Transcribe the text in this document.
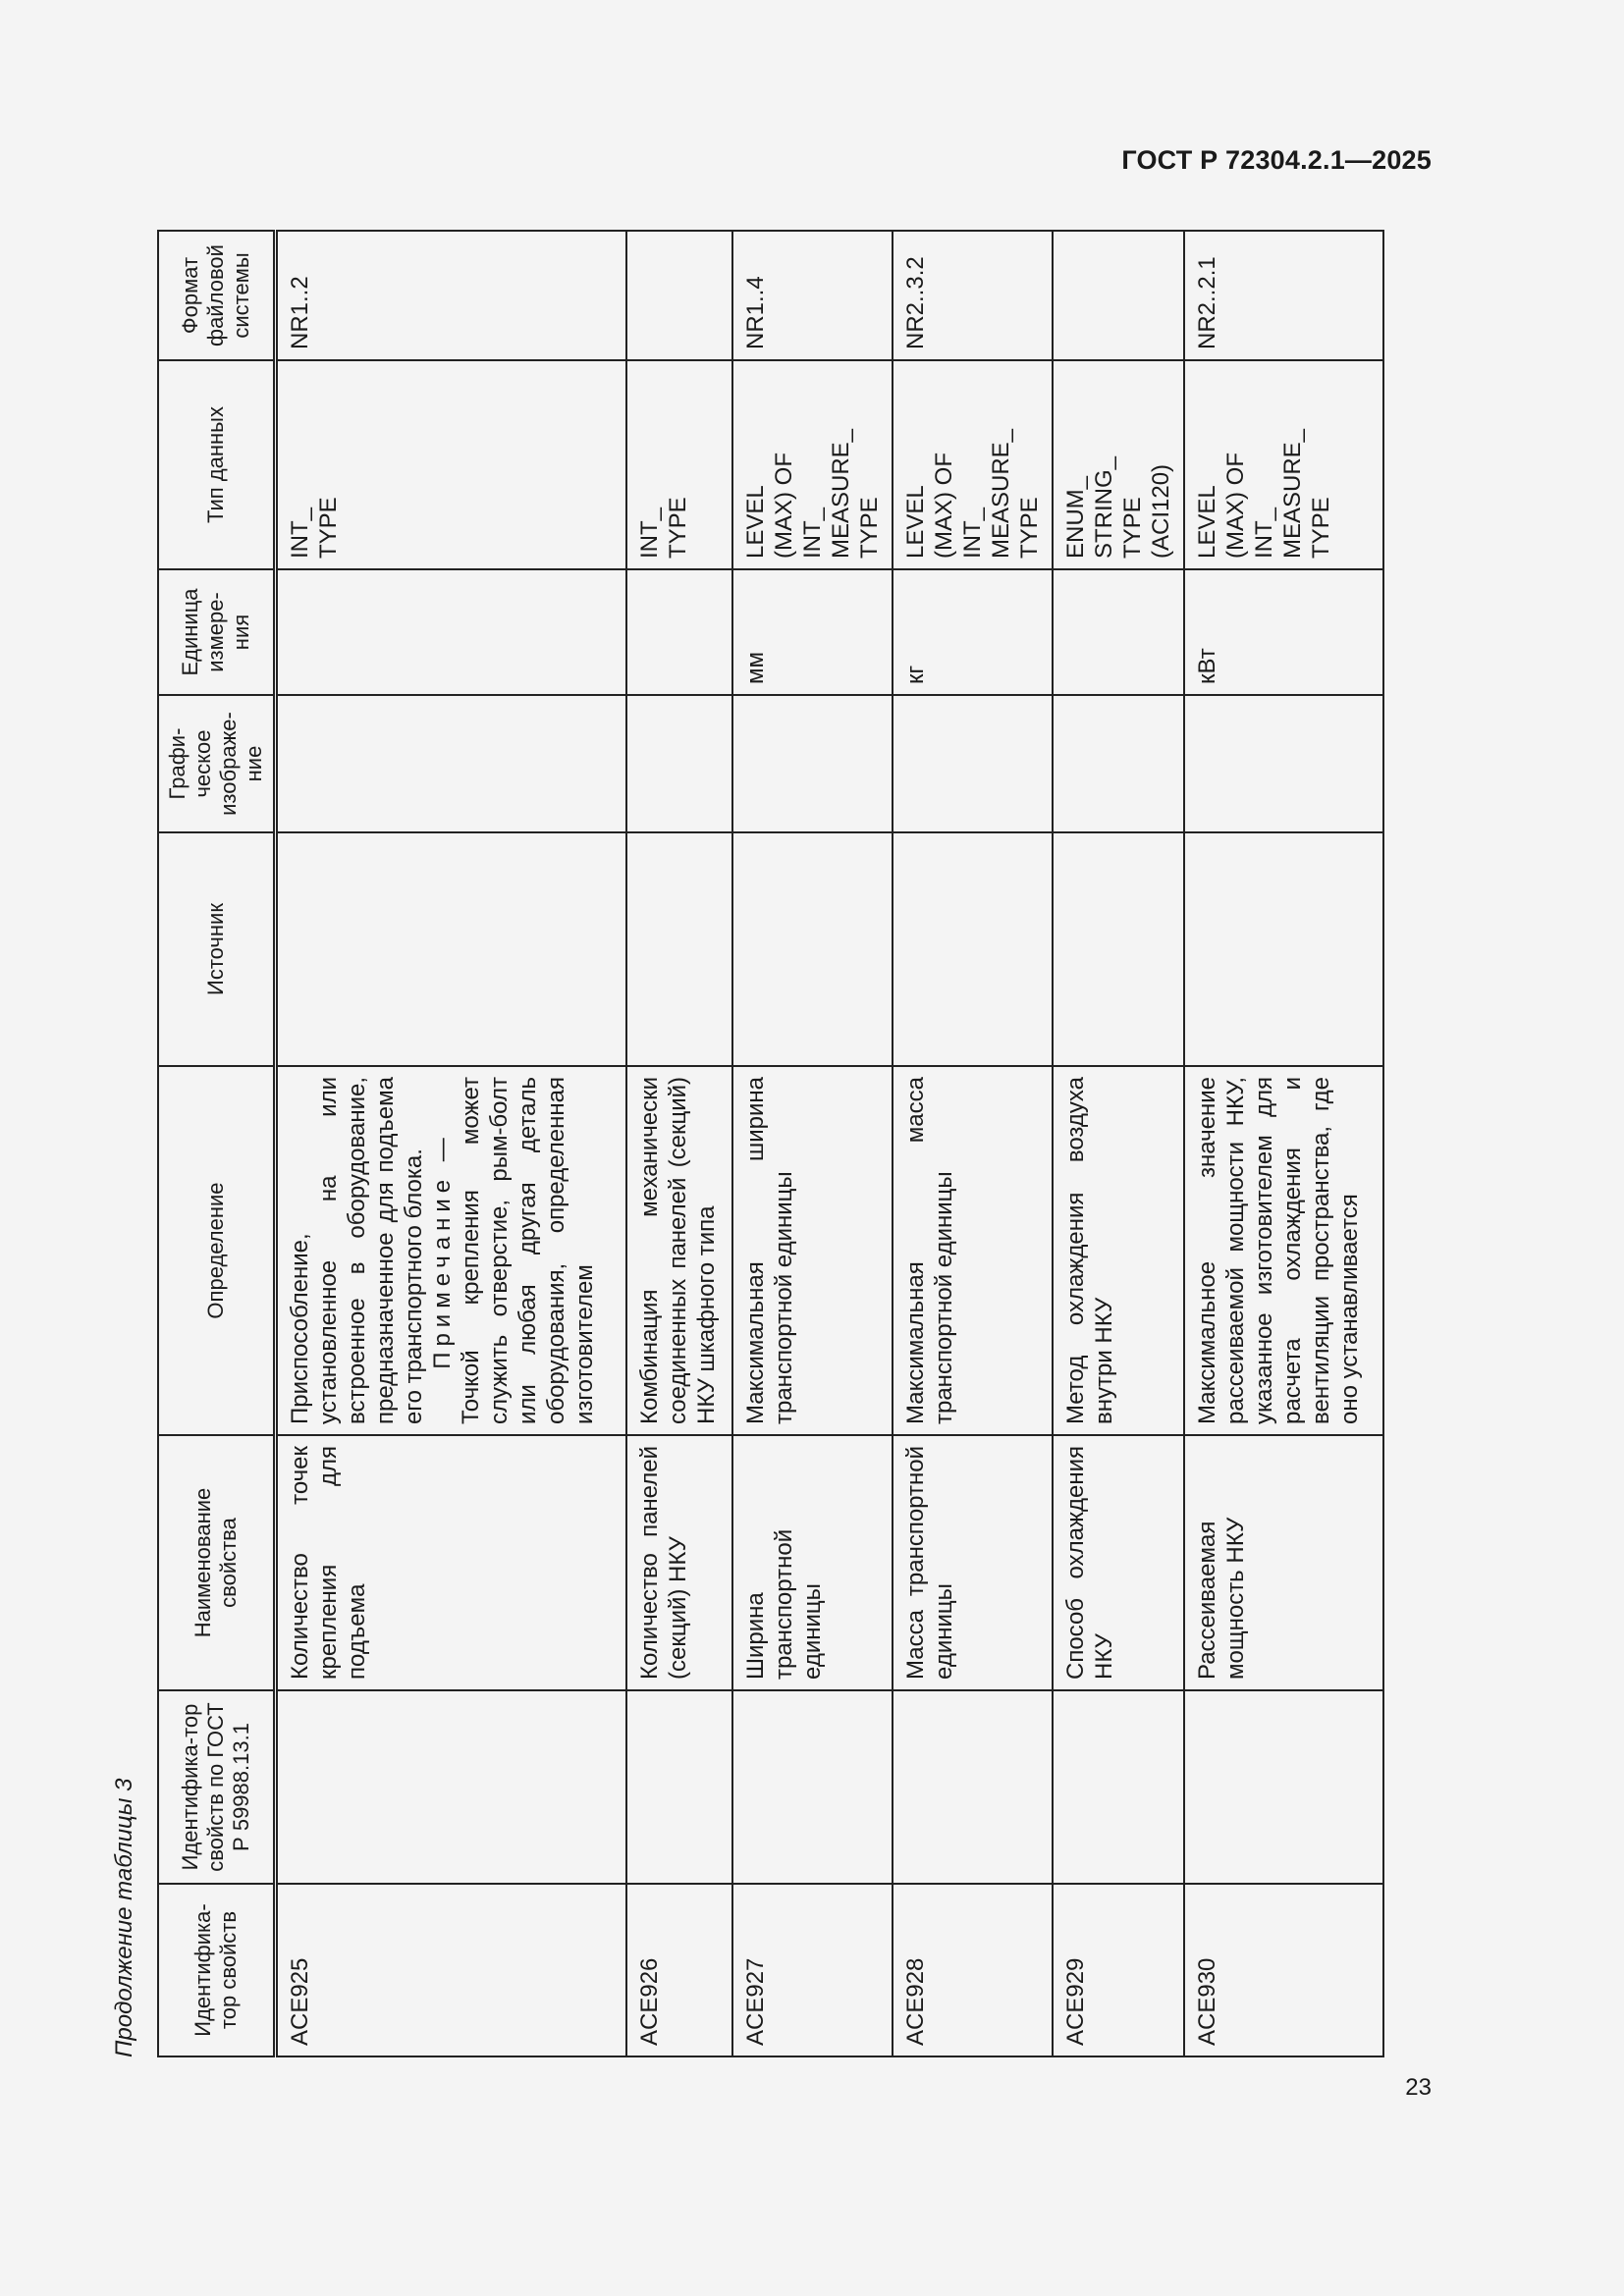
ГОСТ Р 72304.2.1—2025
Продолжение таблицы 3 Идентифика-тор свойств	Идентифика-тор свойств по ГОСТ Р 59988.13.1	Наименование свойства	Определение	Источник	Графи-ческое изображе-ние	Единица измере-ния	Тип данных	Формат файловой системы
ACE925		Количество точек крепления для подъема	Приспособление, установленное на или встроенное в оборудование, предназначенное для подъема его транспортного блока. Примечание — Точкой крепления может служить отверстие, рым-болт или любая другая деталь оборудования, определенная изготовителем				INT_ TYPE	NR1..2
ACE926		Количество панелей (секций) НКУ	Комбинация механически соединенных панелей (секций) НКУ шкафного типа				INT_ TYPE	

ACE927		Ширина транспортной единицы	Максимальная ширина транспортной единицы			мм	LEVEL (MAX) OF INT_ MEASURE_ TYPE	NR1..4
ACE928		Масса транспортной единицы	Максимальная масса транспортной единицы			кг	LEVEL (MAX) OF INT_ MEASURE_ TYPE	NR2..3.2
ACE929		Способ охлаждения НКУ	Метод охлаждения воздуха внутри НКУ				ENUM_ STRING_ TYPE (ACI120)	

ACE930		Рассеиваемая мощность НКУ	Максимальное значение рассеиваемой мощности НКУ, указанное изготовителем для расчета охлаждения и вентиляции пространства, где оно устанавливается			кВт	LEVEL (MAX) OF INT_ MEASURE_ TYPE	NR2..2.1
23
